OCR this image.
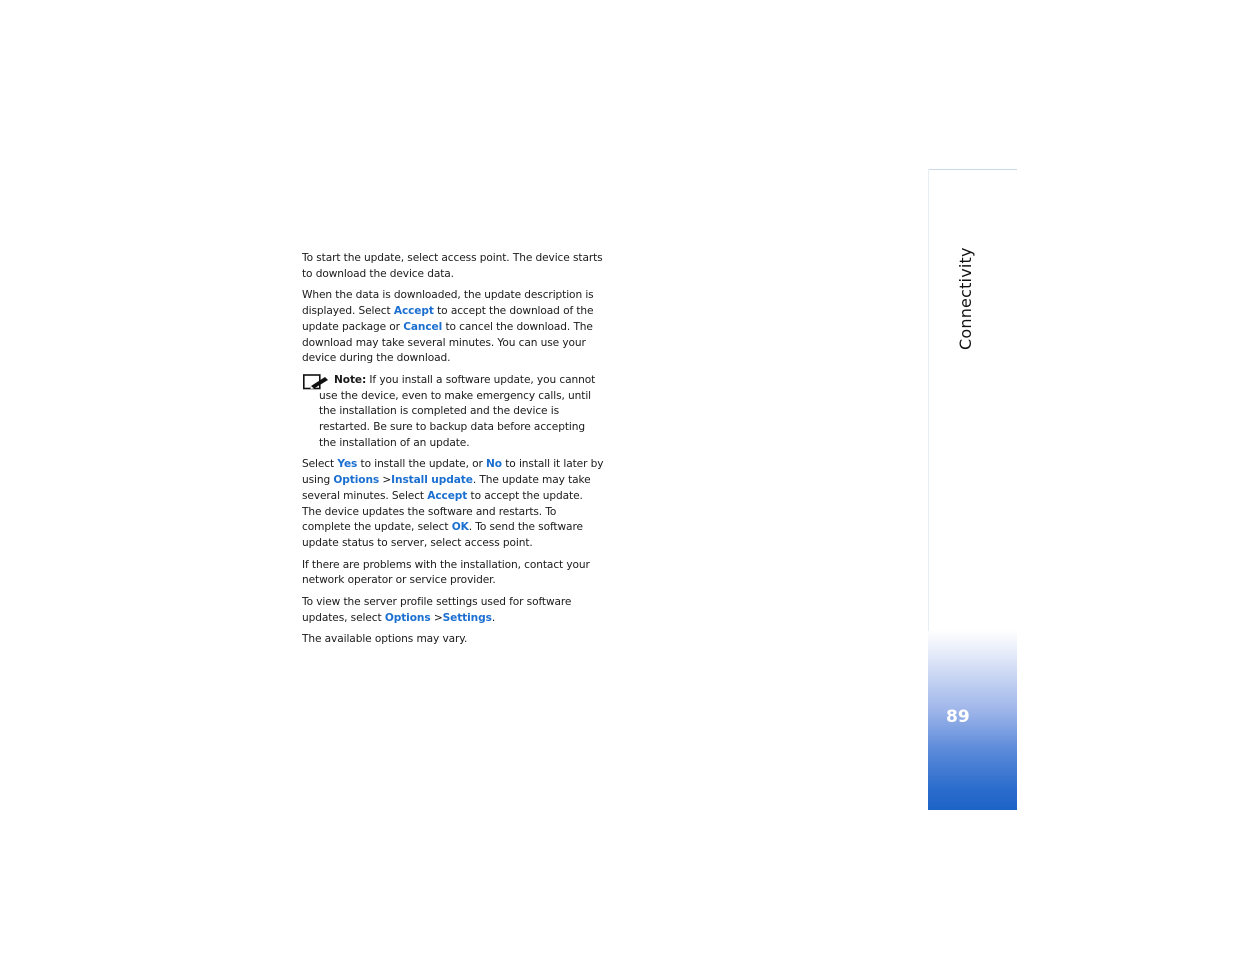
Connectivity
89

To start the update, select access point. The device starts to download the device data.

When the data is downloaded, the update description is displayed. Select Accept to accept the download of the update package or Cancel to cancel the download. The download may take several minutes. You can use your device during the download.

Note: If you install a software update, you cannot use the device, even to make emergency calls, until the installation is completed and the device is restarted. Be sure to backup data before accepting the installation of an update.

Select Yes to install the update, or No to install it later by using Options >Install update. The update may take several minutes. Select Accept to accept the update. The device updates the software and restarts. To complete the update, select OK. To send the software update status to server, select access point.

If there are problems with the installation, contact your network operator or service provider.

To view the server profile settings used for software updates, select Options >Settings.

The available options may vary.
